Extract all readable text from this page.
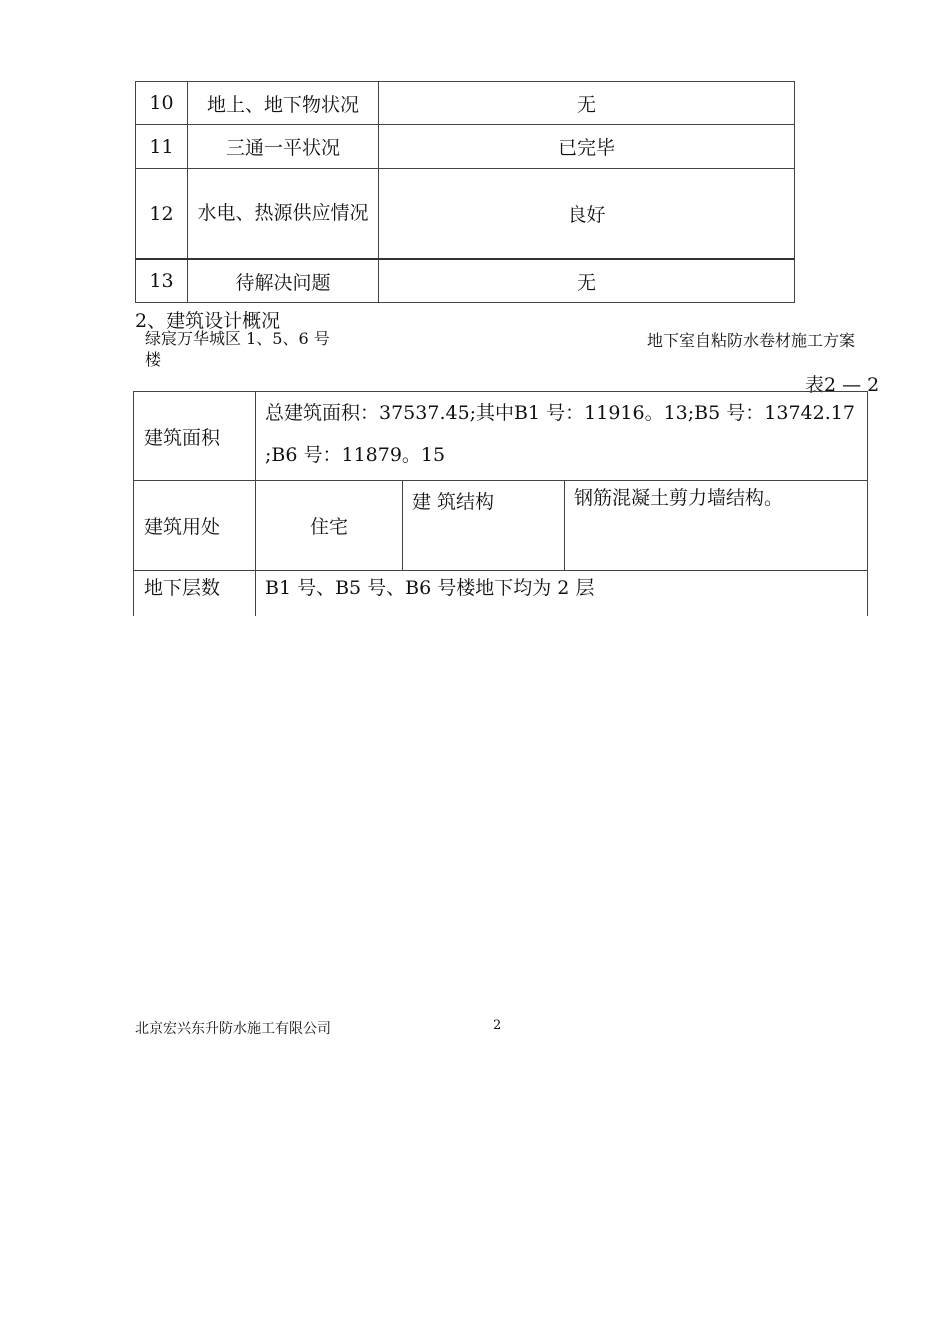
10	地上、地下物状况	无
11	三通一平状况	已完毕
12	水电、热源供应情况	良好
13	待解决问题	无
2、建筑设计概况
绿宸万华城区 1、5、6 号楼
地下室自粘防水卷材施工方案
表2 — 2
建筑面积	总建筑面积：37537.45;其中B1 号：11916。13;B5 号：13742.17 ;B6 号：11879。15		
建筑用处	住宅	建 筑结构	钢筋混凝土剪力墙结构。
地下层数	B1 号、B5 号、B6 号楼地下均为 2 层		
北京宏兴东升防水施工有限公司	2
